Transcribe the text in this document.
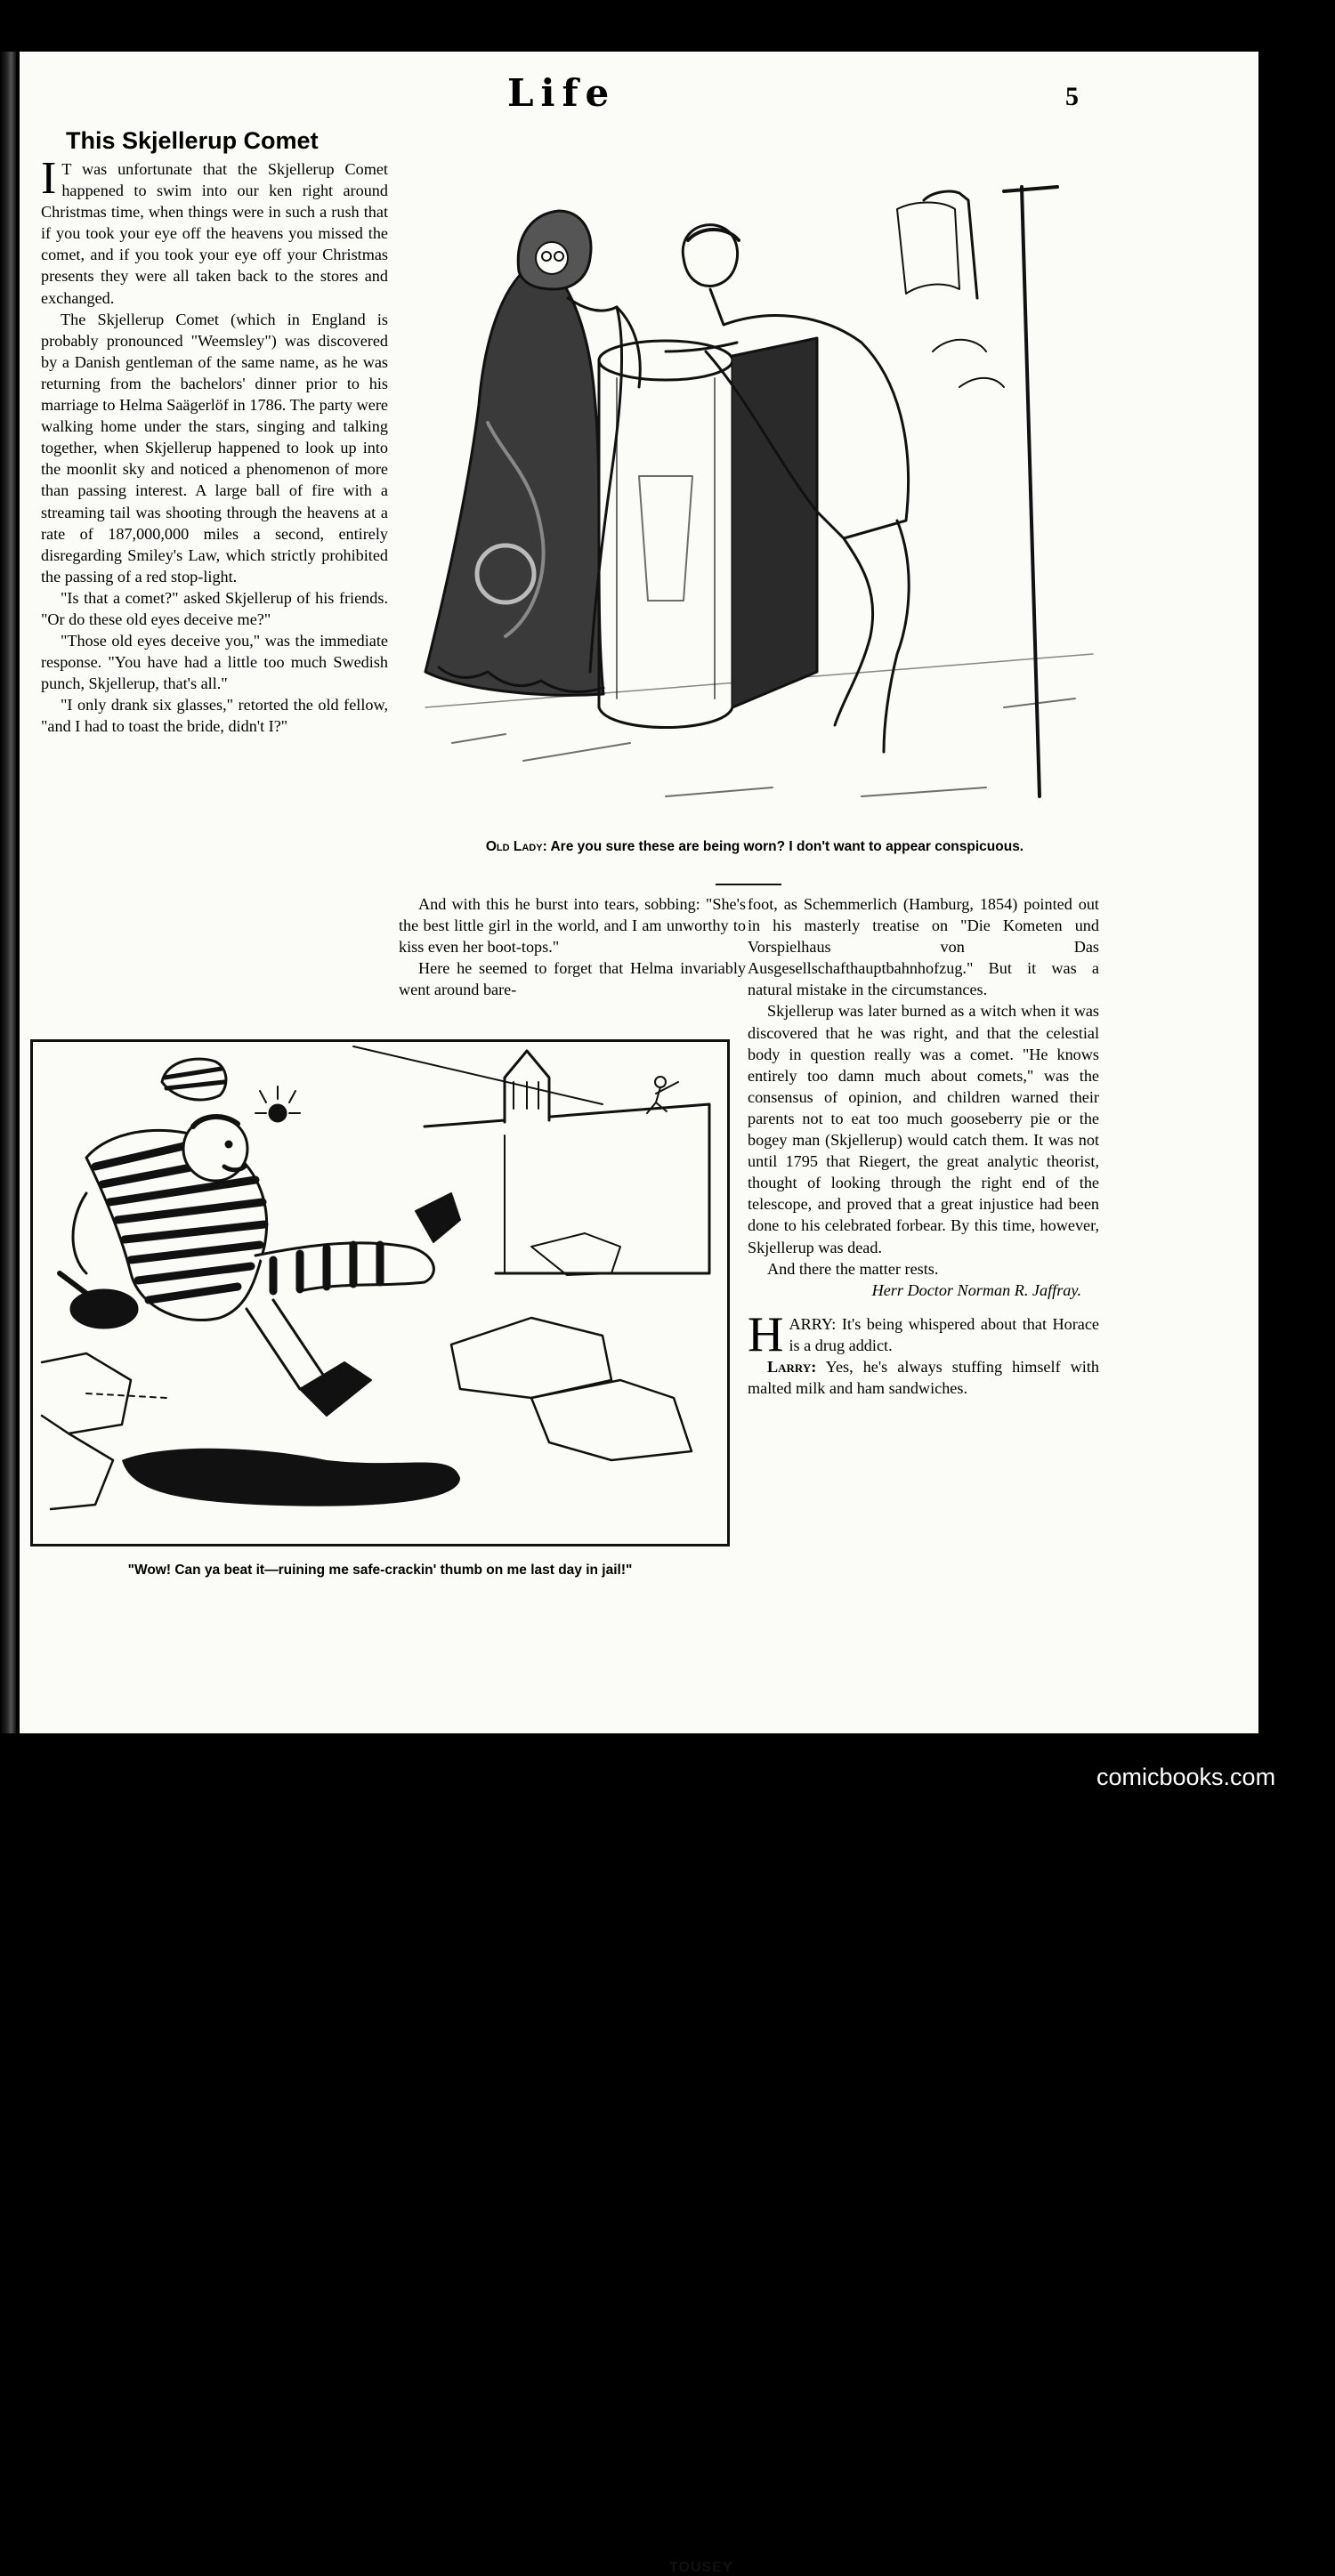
Life	5
This Skjellerup Comet

I T was unfortunate that the Skjellerup Comet happened to swim into our ken right around Christmas time, when things were in such a rush that if you took your eye off the heavens you missed the comet, and if you took your eye off your Christmas presents they were all taken back to the stores and exchanged.

The Skjellerup Comet (which in England is probably pronounced "Weemsley") was discovered by a Danish gentleman of the same name, as he was returning from the bachelors' dinner prior to his marriage to Helma Saägerlöf in 1786. The party were walking home under the stars, singing and talking together, when Skjellerup happened to look up into the moonlit sky and noticed a phenomenon of more than passing interest. A large ball of fire with a streaming tail was shooting through the heavens at a rate of 187,000,000 miles a second, entirely disregarding Smiley's Law, which strictly prohibited the passing of a red stop-light.

"Is that a comet?" asked Skjellerup of his friends. "Or do these old eyes deceive me?"

"Those old eyes deceive you," was the immediate response. "You have had a little too much Swedish punch, Skjellerup, that's all."

"I only drank six glasses," retorted the old fellow, "and I had to toast the bride, didn't I?"

Old Lady: Are you sure these are being worn? I don't want to appear conspicuous.

And with this he burst into tears, sobbing: "She's the best little girl in the world, and I am unworthy to kiss even her boot-tops."

Here he seemed to forget that Helma invariably went around bare-

foot, as Schemmerlich (Hamburg, 1854) pointed out in his masterly treatise on "Die Kometen und Vorspielhaus von Das Ausgesellschafthauptbahnhofzug." But it was a natural mistake in the circumstances.

Skjellerup was later burned as a witch when it was discovered that he was right, and that the celestial body in question really was a comet. "He knows entirely too damn much about comets," was the consensus of opinion, and children warned their parents not to eat too much gooseberry pie or the bogey man (Skjellerup) would catch them. It was not until 1795 that Riegert, the great analytic theorist, thought of looking through the right end of the telescope, and proved that a great injustice had been done to his celebrated forbear. By this time, however, Skjellerup was dead.

And there the matter rests.

Herr Doctor Norman R. Jaffray.

HARRY: It's being whispered about that Horace is a drug addict.

Larry: Yes, he's always stuffing himself with malted milk and ham sandwiches.

TOUSEY

"Wow! Can ya beat it—ruining me safe-crackin' thumb on me last day in jail!"

comicbooks.com
